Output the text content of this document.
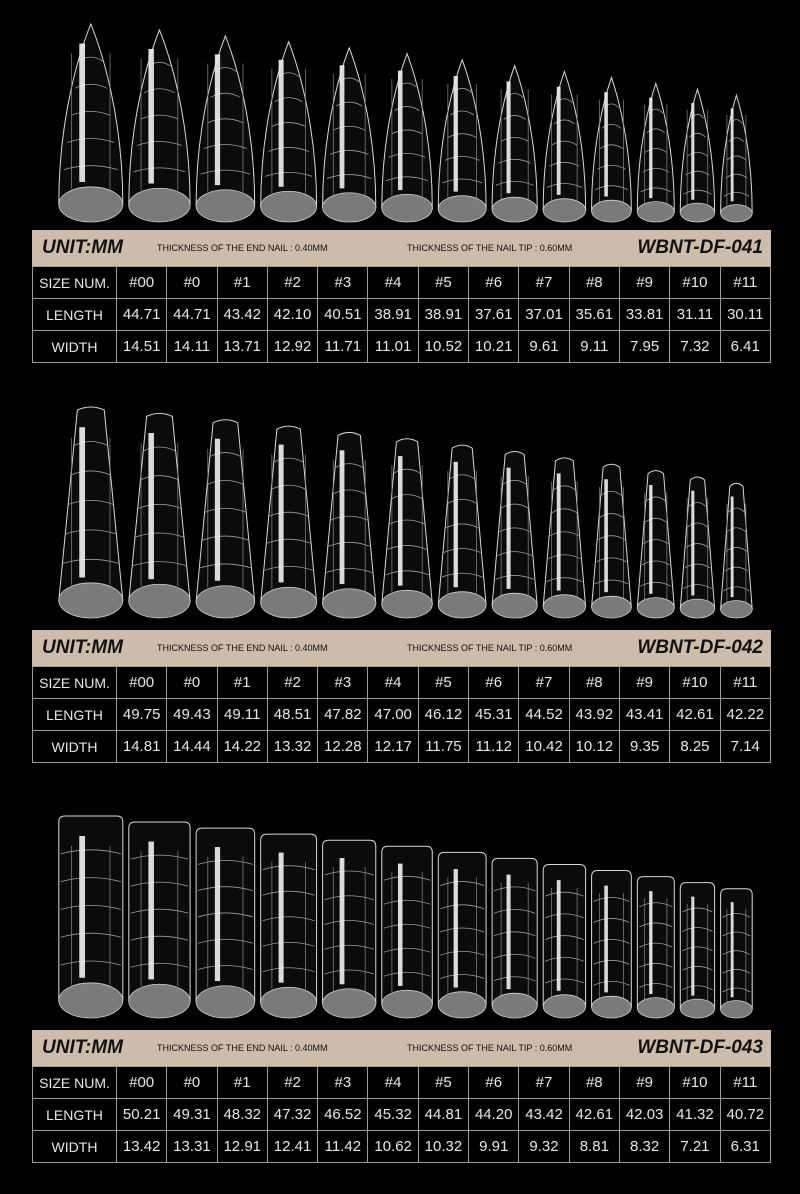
UNIT:MM	THICKNESS OF THE END NAIL : 0.40MM	THICKNESS OF THE NAIL TIP : 0.60MM	WBNT-DF-041
SIZE NUM.	#00	#0	#1	#2	#3	#4	#5	#6	#7	#8	#9	#10	#11
LENGTH	44.71	44.71	43.42	42.10	40.51	38.91	38.91	37.61	37.01	35.61	33.81	31.11	30.11
WIDTH	14.51	14.11	13.71	12.92	11.71	11.01	10.52	10.21	9.61	9.11	7.95	7.32	6.41
UNIT:MM	THICKNESS OF THE END NAIL : 0.40MM	THICKNESS OF THE NAIL TIP : 0.60MM	WBNT-DF-042
SIZE NUM.	#00	#0	#1	#2	#3	#4	#5	#6	#7	#8	#9	#10	#11
LENGTH	49.75	49.43	49.11	48.51	47.82	47.00	46.12	45.31	44.52	43.92	43.41	42.61	42.22
WIDTH	14.81	14.44	14.22	13.32	12.28	12.17	11.75	11.12	10.42	10.12	9.35	8.25	7.14
UNIT:MM	THICKNESS OF THE END NAIL : 0.40MM	THICKNESS OF THE NAIL TIP : 0.60MM	WBNT-DF-043
SIZE NUM.	#00	#0	#1	#2	#3	#4	#5	#6	#7	#8	#9	#10	#11
LENGTH	50.21	49.31	48.32	47.32	46.52	45.32	44.81	44.20	43.42	42.61	42.03	41.32	40.72
WIDTH	13.42	13.31	12.91	12.41	11.42	10.62	10.32	9.91	9.32	8.81	8.32	7.21	6.31
